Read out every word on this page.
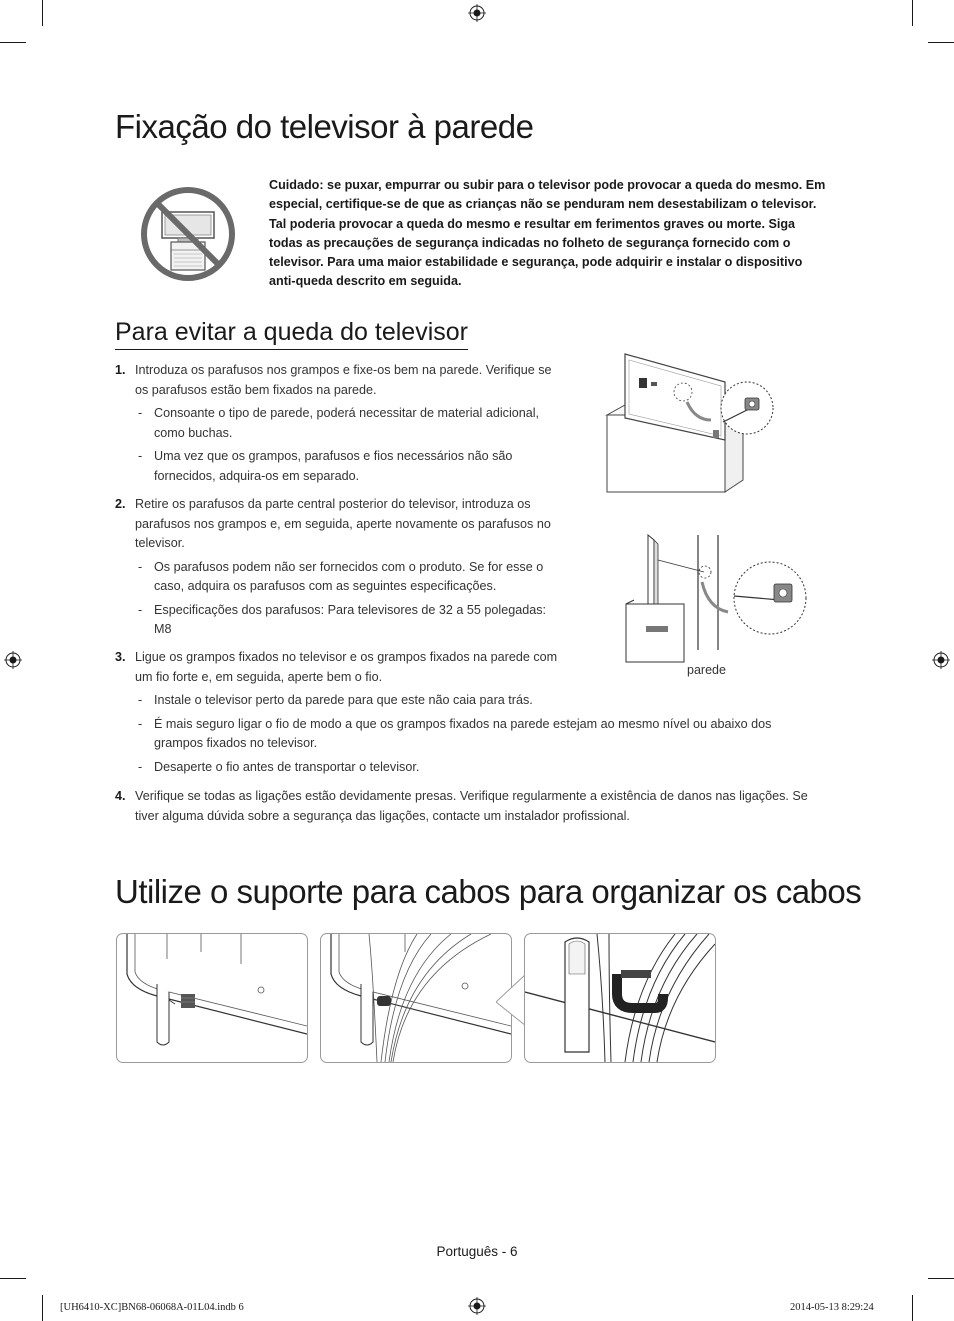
Fixação do televisor à parede
Cuidado: se puxar, empurrar ou subir para o televisor pode provocar a queda do mesmo. Em especial, certifique-se de que as crianças não se penduram nem desestabilizam o televisor. Tal poderia provocar a queda do mesmo e resultar em ferimentos graves ou morte. Siga todas as precauções de segurança indicadas no folheto de segurança fornecido com o televisor. Para uma maior estabilidade e segurança, pode adquirir e instalar o dispositivo anti-queda descrito em seguida.
Para evitar a queda do televisor
1. Introduza os parafusos nos grampos e fixe-os bem na parede. Verifique se os parafusos estão bem fixados na parede.
- Consoante o tipo de parede, poderá necessitar de material adicional, como buchas.
- Uma vez que os grampos, parafusos e fios necessários não são fornecidos, adquira-os em separado.
2. Retire os parafusos da parte central posterior do televisor, introduza os parafusos nos grampos e, em seguida, aperte novamente os parafusos no televisor.
- Os parafusos podem não ser fornecidos com o produto. Se for esse o caso, adquira os parafusos com as seguintes especificações.
- Especificações dos parafusos: Para televisores de 32 a 55 polegadas: M8
3. Ligue os grampos fixados no televisor e os grampos fixados na parede com um fio forte e, em seguida, aperte bem o fio.
- Instale o televisor perto da parede para que este não caia para trás.
- É mais seguro ligar o fio de modo a que os grampos fixados na parede estejam ao mesmo nível ou abaixo dos grampos fixados no televisor.
- Desaperte o fio antes de transportar o televisor.
4. Verifique se todas as ligações estão devidamente presas. Verifique regularmente a existência de danos nas ligações. Se tiver alguma dúvida sobre a segurança das ligações, contacte um instalador profissional.
parede
Utilize o suporte para cabos para organizar os cabos
Português - 6
[UH6410-XC]BN68-06068A-01L04.indb 6	2014-05-13 8:29:24
